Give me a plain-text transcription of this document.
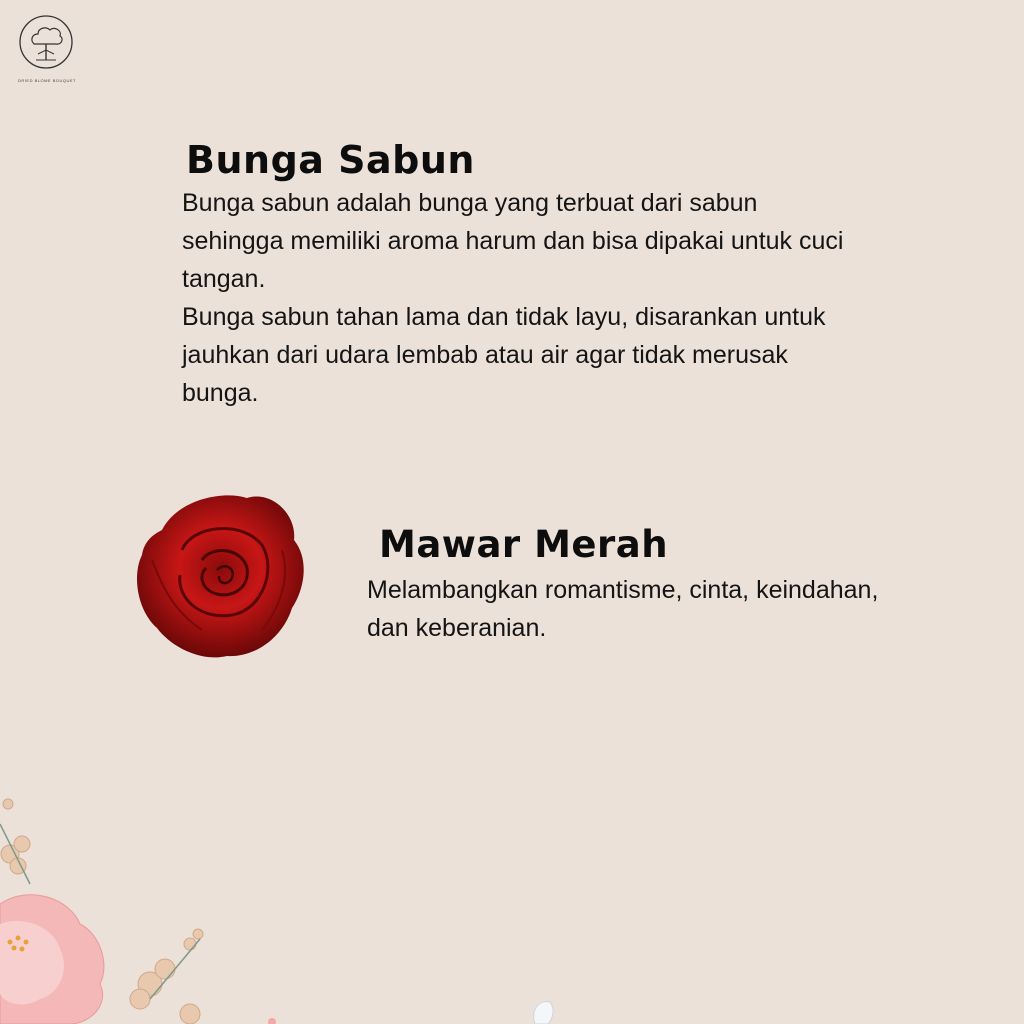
DRIED BLOME BOUQUET
Bunga Sabun
Bunga sabun adalah bunga yang terbuat dari sabun
sehingga memiliki aroma harum dan bisa dipakai untuk cuci
tangan.
Bunga sabun tahan lama dan tidak layu, disarankan untuk
jauhkan dari udara lembab atau air agar tidak merusak
bunga.
Mawar Merah
Melambangkan romantisme, cinta, keindahan,
dan keberanian.
